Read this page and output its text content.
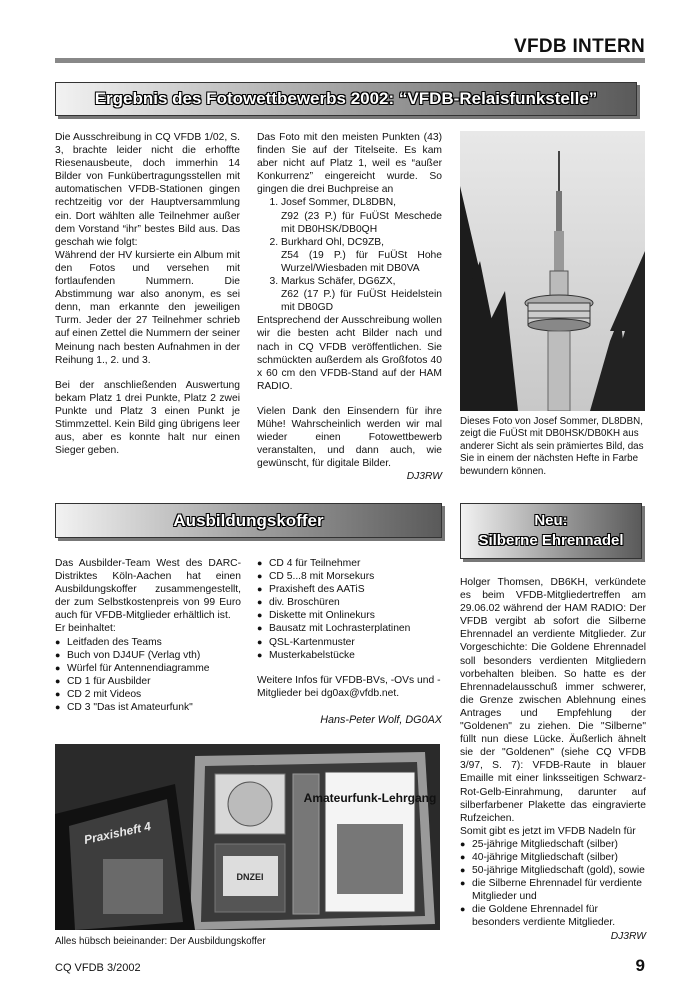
VFDB INTERN
Ergebnis des Fotowettbewerbs 2002: “VFDB-Relaisfunkstelle”

Die Ausschreibung in CQ VFDB 1/02, S. 3, brachte leider nicht die erhoffte Riesenausbeute, doch immerhin 14 Bilder von Funkübertragungsstellen mit automatischen VFDB-Stationen gingen rechtzeitig vor der Hauptversammlung ein. Dort wählten alle Teilnehmer außer dem Vorstand “ihr” bestes Bild aus. Das geschah wie folgt:

Während der HV kursierte ein Album mit den Fotos und versehen mit fortlaufenden Nummern. Die Abstimmung war also anonym, es sei denn, man erkannte den jeweiligen Turm. Jeder der 27 Teilnehmer schrieb auf einen Zettel die Nummern der seiner Meinung nach besten Aufnahmen in der Reihung 1., 2. und 3.

Bei der anschließenden Auswertung bekam Platz 1 drei Punkte, Platz 2 zwei Punkte und Platz 3 einen Punkt je Stimmzettel. Kein Bild ging übrigens leer aus, aber es konnte halt nur einen Sieger geben.

Das Foto mit den meisten Punkten (43) finden Sie auf der Titelseite. Es kam aber nicht auf Platz 1, weil es “außer Konkurrenz” eingereicht wurde. So gingen die drei Buchpreise an

1. Josef Sommer, DL8DBN,
Z92 (23 P.) für FuÜSt Meschede mit DB0HSK/DB0QH
2. Burkhard Ohl, DC9ZB,
Z54 (19 P.) für FuÜSt Hohe Wurzel/Wiesbaden mit DB0VA
3. Markus Schäfer, DG6ZX,
Z62 (17 P.) für FuÜSt Heidelstein mit DB0GD

Entsprechend der Ausschreibung wollen wir die besten acht Bilder nach und nach in CQ VFDB veröffentlichen. Sie schmückten außerdem als Großfotos 40 x 60 cm den VFDB-Stand auf der HAM RADIO.

Vielen Dank den Einsendern für ihre Mühe! Wahrscheinlich werden wir mal wieder einen Fotowettbewerb veranstalten, und dann auch, wie gewünscht, für digitale Bilder.

DJ3RW

Dieses Foto von Josef Sommer, DL8DBN, zeigt die FuÜSt mit DB0HSK/DB0KH aus anderer Sicht als sein prämiertes Bild, das Sie in einem der nächsten Hefte in Farbe bewundern können.
Ausbildungskoffer

Das Ausbilder-Team West des DARC-Distriktes Köln-Aachen hat einen Ausbildungskoffer zusammengestellt, der zum Selbstkostenpreis von 99 Euro auch für VFDB-Mitglieder erhältlich ist.

Er beinhaltet:

● Leitfaden des Teams
● Buch von DJ4UF (Verlag vth)
● Würfel für Antennendiagramme
● CD 1 für Ausbilder
● CD 2 mit Videos
● CD 3 "Das ist Amateurfunk"
● CD 4 für Teilnehmer
● CD 5...8 mit Morsekurs
● Praxisheft des AATiS
● div. Broschüren
● Diskette mit Onlinekurs
● Bausatz mit Lochrasterplatinen
● QSL-Kartenmuster
● Musterkabelstücke

Weitere Infos für VFDB-BVs, -OVs und -Mitglieder bei dg0ax@vfdb.net.

Hans-Peter Wolf, DG0AX

DNZEI
Amateurfunk-Lehrgang
Praxisheft 4
Alles hübsch beieinander: Der Ausbildungskoffer
Neu:
Silberne Ehrennadel

Holger Thomsen, DB6KH, verkündete es beim VFDB-Mitgliedertreffen am 29.06.02 während der HAM RADIO: Der VFDB vergibt ab sofort die Silberne Ehrennadel an verdiente Mitglieder. Zur Vorgeschichte: Die Goldene Ehrennadel soll besonders verdienten Mitgliedern vorbehalten bleiben. So hatte es der Ehrennadelausschuß immer schwerer, die Grenze zwischen Ablehnung eines Antrages und Empfehlung der "Goldenen" zu ziehen. Die "Silberne" füllt nun diese Lücke. Äußerlich ähnelt sie der "Goldenen" (siehe CQ VFDB 3/97, S. 7): VFDB-Raute in blauer Emaille mit einer linksseitigen Schwarz-Rot-Gelb-Einrahmung, darunter auf silberfarbener Plakette das eingravierte Rufzeichen.

Somit gibt es jetzt im VFDB Nadeln für

● 25-jährige Mitgliedschaft (silber)
● 40-jährige Mitgliedschaft (silber)
● 50-jährige Mitgliedschaft (gold), sowie
● die Silberne Ehrennadel für verdiente Mitglieder und
● die Goldene Ehrennadel für besonders verdiente Mitglieder.

DJ3RW

CQ VFDB 3/2002	9
